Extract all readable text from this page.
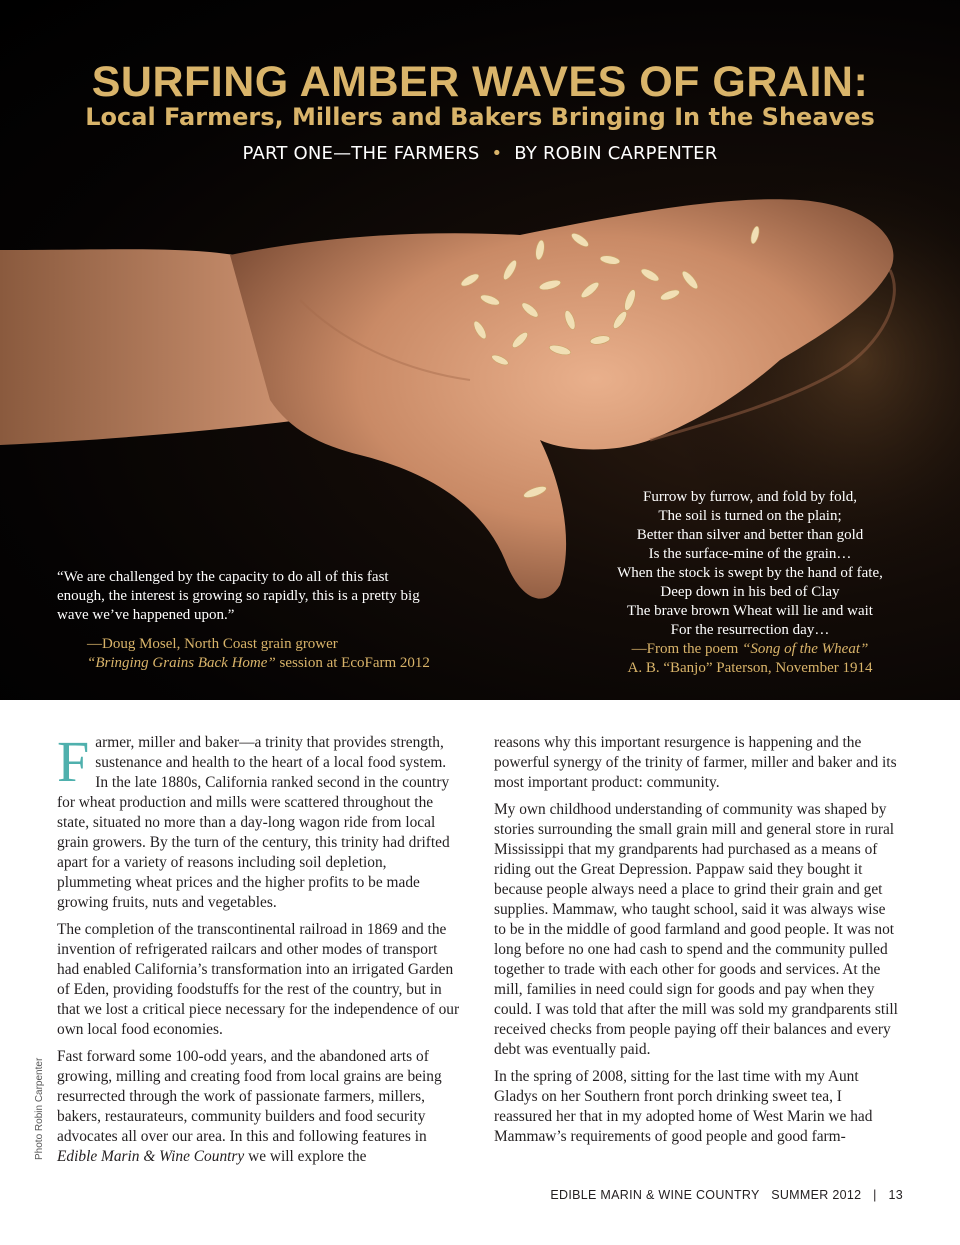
SURFING AMBER WAVES OF GRAIN:
Local Farmers, Millers and Bakers Bringing In the Sheaves
PART ONE—THE FARMERS • BY ROBIN CARPENTER
“We are challenged by the capacity to do all of this fast enough, the interest is growing so rapidly, this is a pretty big wave we’ve happened upon.”
—Doug Mosel, North Coast grain grower
“Bringing Grains Back Home” session at EcoFarm 2012
Furrow by furrow, and fold by fold,
The soil is turned on the plain;
Better than silver and better than gold
Is the surface-mine of the grain…
When the stock is swept by the hand of fate,
Deep down in his bed of Clay
The brave brown Wheat will lie and wait
For the resurrection day…
—From the poem “Song of the Wheat”
A. B. “Banjo” Paterson, November 1914

Farmer, miller and baker—a trinity that provides strength, sustenance and health to the heart of a local food system. In the late 1880s, California ranked second in the country for wheat production and mills were scattered throughout the state, situated no more than a day-long wagon ride from local grain growers. By the turn of the century, this trinity had drifted apart for a variety of reasons including soil depletion, plummeting wheat prices and the higher profits to be made growing fruits, nuts and vegetables.

The completion of the transcontinental railroad in 1869 and the invention of refrigerated railcars and other modes of transport had enabled California’s transformation into an irrigated Garden of Eden, providing foodstuffs for the rest of the country, but in that we lost a critical piece necessary for the independence of our own local food economies.

Fast forward some 100-odd years, and the abandoned arts of growing, milling and creating food from local grains are being resurrected through the work of passionate farmers, millers, bakers, restaurateurs, community builders and food security advocates all over our area. In this and following features in Edible Marin & Wine Country we will explore the

reasons why this important resurgence is happening and the powerful synergy of the trinity of farmer, miller and baker and its most important product: community.

My own childhood understanding of community was shaped by stories surrounding the small grain mill and general store in rural Mississippi that my grandparents had purchased as a means of riding out the Great Depression. Pappaw said they bought it because people always need a place to grind their grain and get supplies. Mammaw, who taught school, said it was always wise to be in the middle of good farmland and good people. It was not long before no one had cash to spend and the community pulled together to trade with each other for goods and services. At the mill, families in need could sign for goods and pay when they could. I was told that after the mill was sold my grandparents still received checks from people paying off their balances and every debt was eventually paid.

In the spring of 2008, sitting for the last time with my Aunt Gladys on her Southern front porch drinking sweet tea, I reassured her that in my adopted home of West Marin we had Mammaw’s requirements of good people and good farm-

Photo Robin Carpenter
EDIBLE MARIN & WINE COUNTRY SUMMER 2012 | 13
